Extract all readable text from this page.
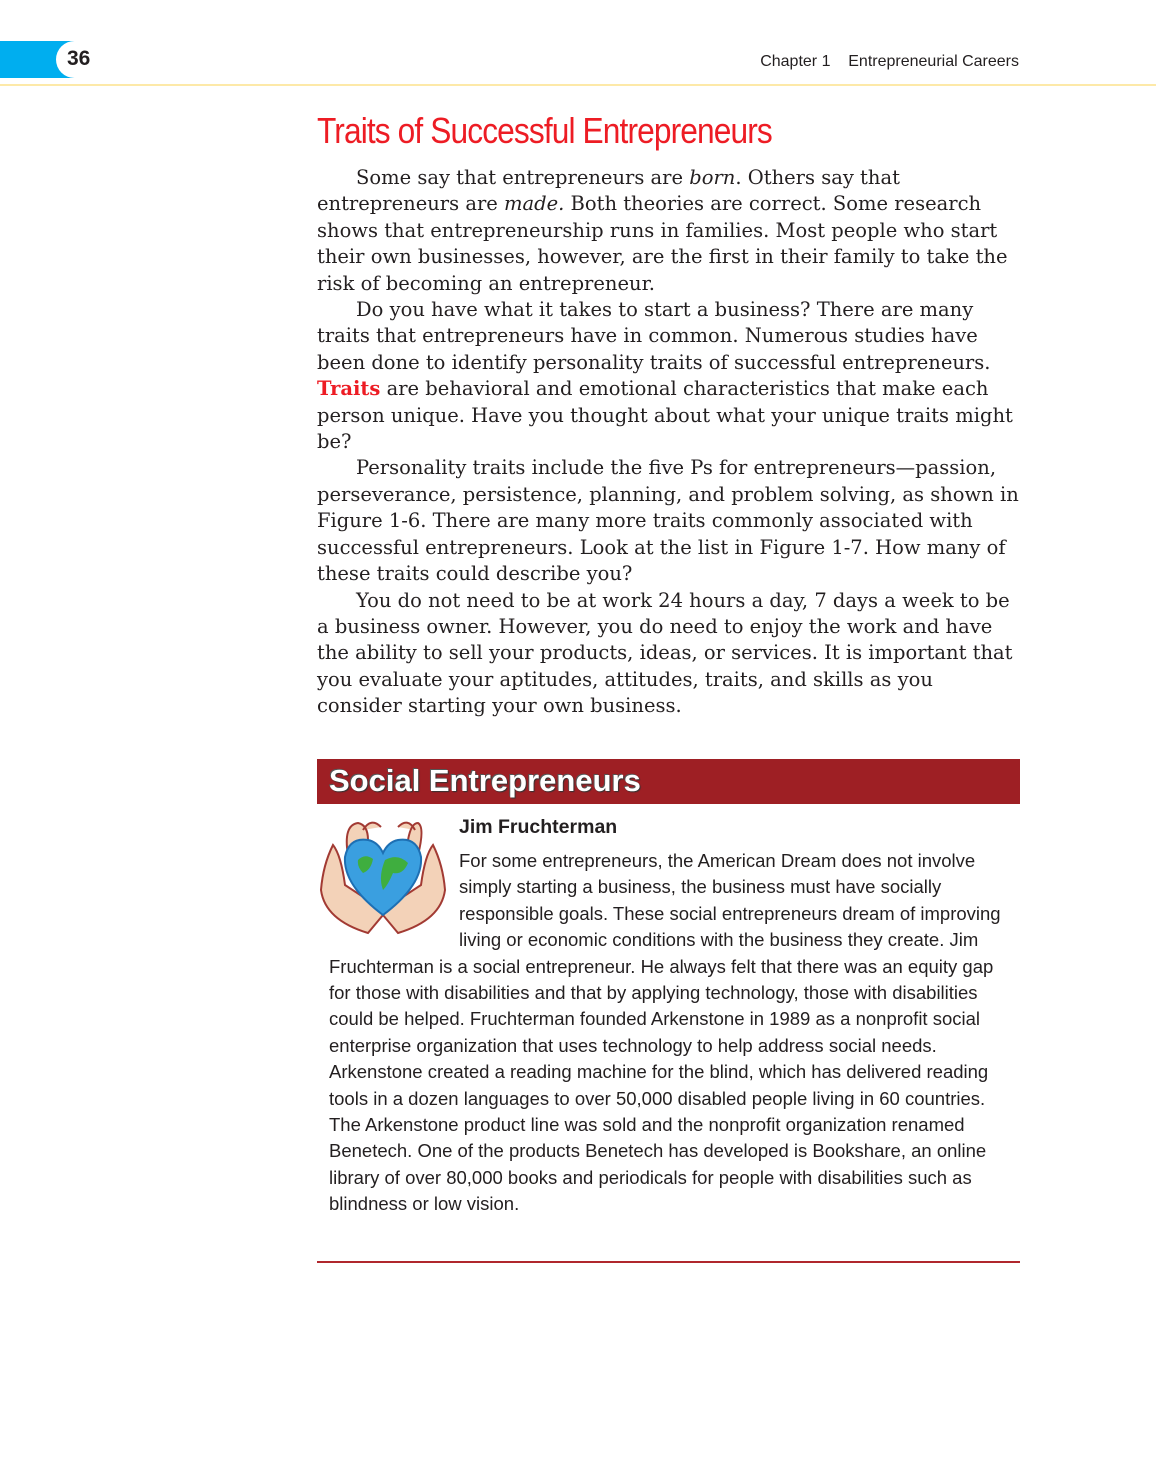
36	Chapter 1    Entrepreneurial Careers
Traits of Successful Entrepreneurs

Some say that entrepreneurs are born. Others say that entrepreneurs are made. Both theories are correct. Some research shows that entrepreneurship runs in families. Most people who start their own businesses, however, are the first in their family to take the risk of becoming an entrepreneur.

Do you have what it takes to start a business? There are many traits that entrepreneurs have in common. Numerous studies have been done to identify personality traits of successful entrepreneurs. Traits are behavioral and emotional characteristics that make each person unique. Have you thought about what your unique traits might be?

Personality traits include the five Ps for entrepreneurs—passion, perseverance, persistence, planning, and problem solving, as shown in Figure 1-6. There are many more traits commonly associated with successful entrepreneurs. Look at the list in Figure 1-7. How many of these traits could describe you?

You do not need to be at work 24 hours a day, 7 days a week to be a business owner. However, you do need to enjoy the work and have the ability to sell your products, ideas, or services. It is important that you evaluate your aptitudes, attitudes, traits, and skills as you consider starting your own business.

Social Entrepreneurs
Jim Fruchterman
For some entrepreneurs, the American Dream does not involve simply starting a business, the business must have socially responsible goals. These social entrepreneurs dream of improving living or economic conditions with the business they create. Jim Fruchterman is a social entrepreneur. He always felt that there was an equity gap for those with disabilities and that by applying technology, those with disabilities could be helped. Fruchterman founded Arkenstone in 1989 as a nonprofit social enterprise organization that uses technology to help address social needs. Arkenstone created a reading machine for the blind, which has delivered reading tools in a dozen languages to over 50,000 disabled people living in 60 countries. The Arkenstone product line was sold and the nonprofit organization renamed Benetech. One of the products Benetech has developed is Bookshare, an online library of over 80,000 books and periodicals for people with disabilities such as blindness or low vision.
